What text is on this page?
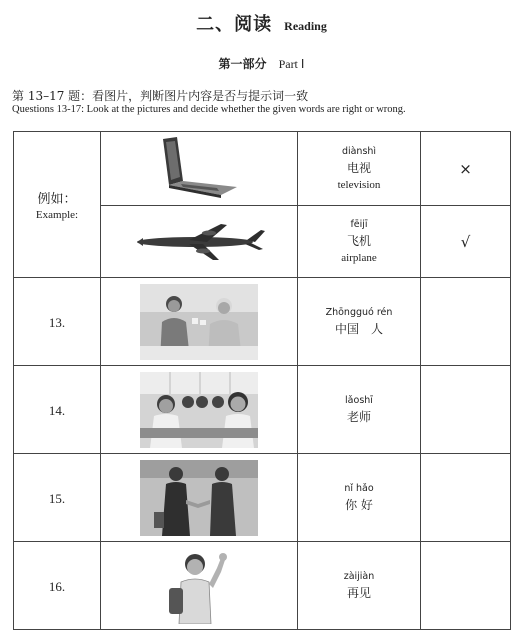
二、阅读 Reading
第一部分 Part Ⅰ
第 13–17 题：看图片，判断图片内容是否与提示词一致
Questions 13-17: Look at the pictures and decide whether the given words are right or wrong.
例如：
Example:		diànshì
电视
television	×

fēijī
飞机
airplane	√
13.		Zhōngguó rén
中国　人	

14.		lǎoshī
老师	

15.		nǐ hǎo
你 好	

16.		zàijiàn
再见	
